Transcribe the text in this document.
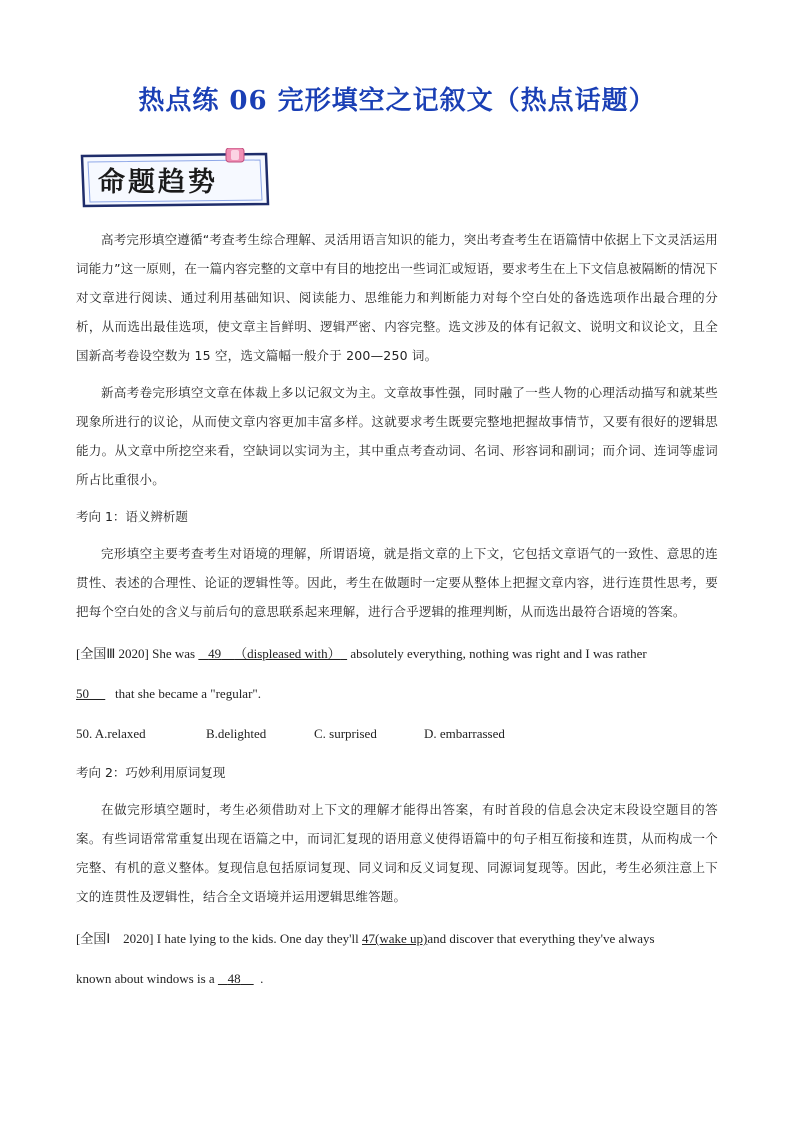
热点练 06 完形填空之记叙文（热点话题）
命题趋势

高考完形填空遵循“考查考生综合理解、灵活用语言知识的能力，突出考查考生在语篇情中依据上下文灵活运用词能力”这一原则，在一篇内容完整的文章中有目的地挖出一些词汇或短语，要求考生在上下文信息被隔断的情况下对文章进行阅读、通过利用基础知识、阅读能力、思维能力和判断能力对每个空白处的备选选项作出最合理的分析，从而选出最佳选项，使文章主旨鲜明、逻辑严密、内容完整。选文涉及的体有记叙文、说明文和议论文，且全国新高考卷设空数为 15 空，选文篇幅一般介于 200—250 词。

新高考卷完形填空文章在体裁上多以记叙文为主。文章故事性强，同时融了一些人物的心理活动描写和就某些现象所进行的议论，从而使文章内容更加丰富多样。这就要求考生既要完整地把握故事情节，又要有很好的逻辑思能力。从文章中所挖空来看，空缺词以实词为主，其中重点考查动词、名词、形容词和副词；而介词、连词等虚词所占比重很小。

考向 1：语义辨析题

完形填空主要考查考生对语境的理解，所谓语境，就是指文章的上下文，它包括文章语气的一致性、意思的连贯性、表述的合理性、论证的逻辑性等。因此，考生在做题时一定要从整体上把握文章内容，进行连贯性思考，要把每个空白处的含义与前后句的意思联系起来理解，进行合乎逻辑的推理判断，从而选出最符合语境的答案。

[全国Ⅲ 2020] She was 49 （displeased with） absolutely everything, nothing was right and I was rather

50 that she became a "regular".

50. A.relaxed	B.delighted	C. surprised	D. embarrassed

考向 2：巧妙利用原词复现

在做完形填空题时，考生必须借助对上下文的理解才能得出答案，有时首段的信息会决定末段设空题目的答案。有些词语常常重复出现在语篇之中，而词汇复现的语用意义使得语篇中的句子相互衔接和连贯，从而构成一个完整、有机的意义整体。复现信息包括原词复现、同义词和反义词复现、同源词复现等。因此，考生必须注意上下文的连贯性及逻辑性，结合全文语境并运用逻辑思维答题。

[全国Ⅰ　2020] I hate lying to the kids. One day they'll 47(wake up)and discover that everything they've always

known about windows is a 48 .
